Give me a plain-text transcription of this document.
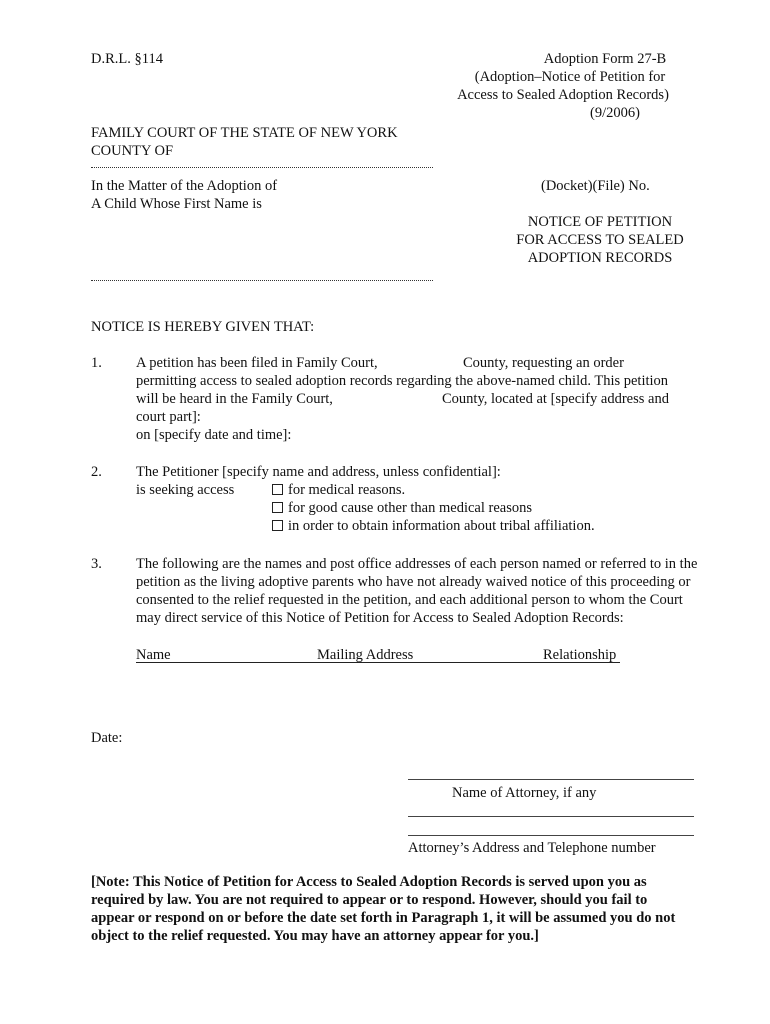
D.R.L. §114	Adoption Form 27-B
(Adoption–Notice of Petition for
Access to Sealed Adoption Records)
(9/2006)
FAMILY COURT OF THE STATE OF NEW YORK
COUNTY OF
In the Matter of the Adoption of
A Child Whose First Name is
(Docket)(File) No.
NOTICE OF PETITION
FOR ACCESS TO SEALED
ADOPTION RECORDS
NOTICE IS HEREBY GIVEN THAT:
1. A petition has been filed in Family Court,	County, requesting an order
permitting access to sealed adoption records regarding the above-named child. This petition
will be heard in the Family Court,	County, located at [specify address and
court part]:
on [specify date and time]:
2. The Petitioner [specify name and address, unless confidential]:
is seeking access	for medical reasons.
for good cause other than medical reasons
in order to obtain information about tribal affiliation.
3. The following are the names and post office addresses of each person named or referred to in the petition as the living adoptive parents who have not already waived notice of this proceeding or consented to the relief requested in the petition, and each additional person to whom the Court may direct service of this Notice of Petition for Access to Sealed Adoption Records:
Name	Mailing Address	Relationship
Date:
Name of Attorney, if any
Attorney’s Address and Telephone number
[Note: This Notice of Petition for Access to Sealed Adoption Records is served upon you as required by law. You are not required to appear or to respond. However, should you fail to appear or respond on or before the date set forth in Paragraph 1, it will be assumed you do not object to the relief requested. You may have an attorney appear for you.]
